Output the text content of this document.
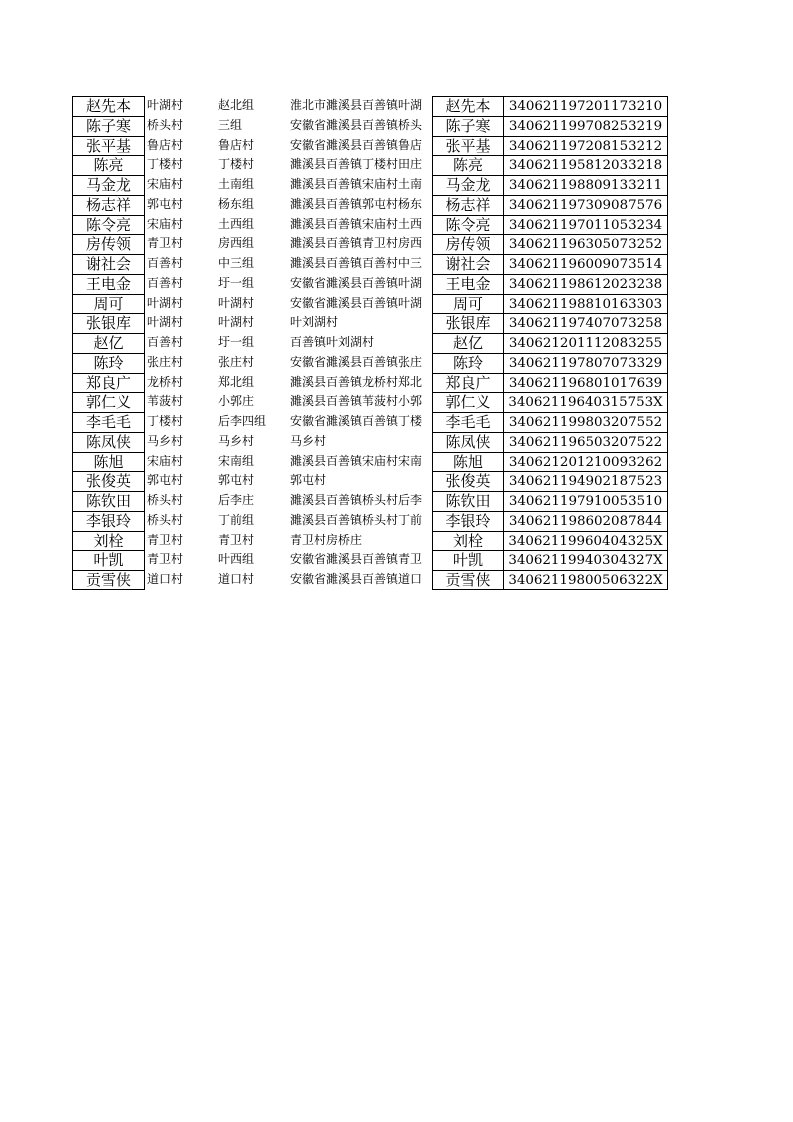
赵先本	叶湖村	赵北组	淮北市濉溪县百善镇叶湖	赵先本	340621197201173210
陈子寒	桥头村	三组	安徽省濉溪县百善镇桥头	陈子寒	340621199708253219
张平基	鲁店村	鲁店村	安徽省濉溪县百善镇鲁店	张平基	340621197208153212
陈亮	丁楼村	丁楼村	濉溪县百善镇丁楼村田庄	陈亮	340621195812033218
马金龙	宋庙村	土南组	濉溪县百善镇宋庙村土南	马金龙	340621198809133211
杨志祥	郭屯村	杨东组	濉溪县百善镇郭屯村杨东	杨志祥	340621197309087576
陈令亮	宋庙村	土西组	濉溪县百善镇宋庙村土西	陈令亮	340621197011053234
房传领	青卫村	房西组	濉溪县百善镇青卫村房西	房传领	340621196305073252
谢社会	百善村	中三组	濉溪县百善镇百善村中三	谢社会	340621196009073514
王电金	百善村	圩一组	安徽省濉溪县百善镇叶湖	王电金	340621198612023238
周可	叶湖村	叶湖村	安徽省濉溪县百善镇叶湖	周可	340621198810163303
张银库	叶湖村	叶湖村	叶刘湖村	张银库	340621197407073258
赵亿	百善村	圩一组	百善镇叶刘湖村	赵亿	340621201112083255
陈玲	张庄村	张庄村	安徽省濉溪县百善镇张庄	陈玲	340621197807073329
郑良广	龙桥村	郑北组	濉溪县百善镇龙桥村郑北	郑良广	340621196801017639
郭仁义	苇菠村	小郭庄	濉溪县百善镇苇菠村小郭	郭仁义	34062119640315753X
李毛毛	丁楼村	后李四组	安徽省濉溪镇百善镇丁楼	李毛毛	340621199803207552
陈凤侠	马乡村	马乡村	马乡村	陈凤侠	340621196503207522
陈旭	宋庙村	宋南组	濉溪县百善镇宋庙村宋南	陈旭	340621201210093262
张俊英	郭屯村	郭屯村	郭屯村	张俊英	340621194902187523
陈钦田	桥头村	后李庄	濉溪县百善镇桥头村后李	陈钦田	340621197910053510
李银玲	桥头村	丁前组	濉溪县百善镇桥头村丁前	李银玲	340621198602087844
刘栓	青卫村	青卫村	青卫村房桥庄	刘栓	34062119960404325X
叶凯	青卫村	叶西组	安徽省濉溪县百善镇青卫	叶凯	34062119940304327X
贡雪侠	道口村	道口村	安徽省濉溪县百善镇道口	贡雪侠	34062119800506322X
